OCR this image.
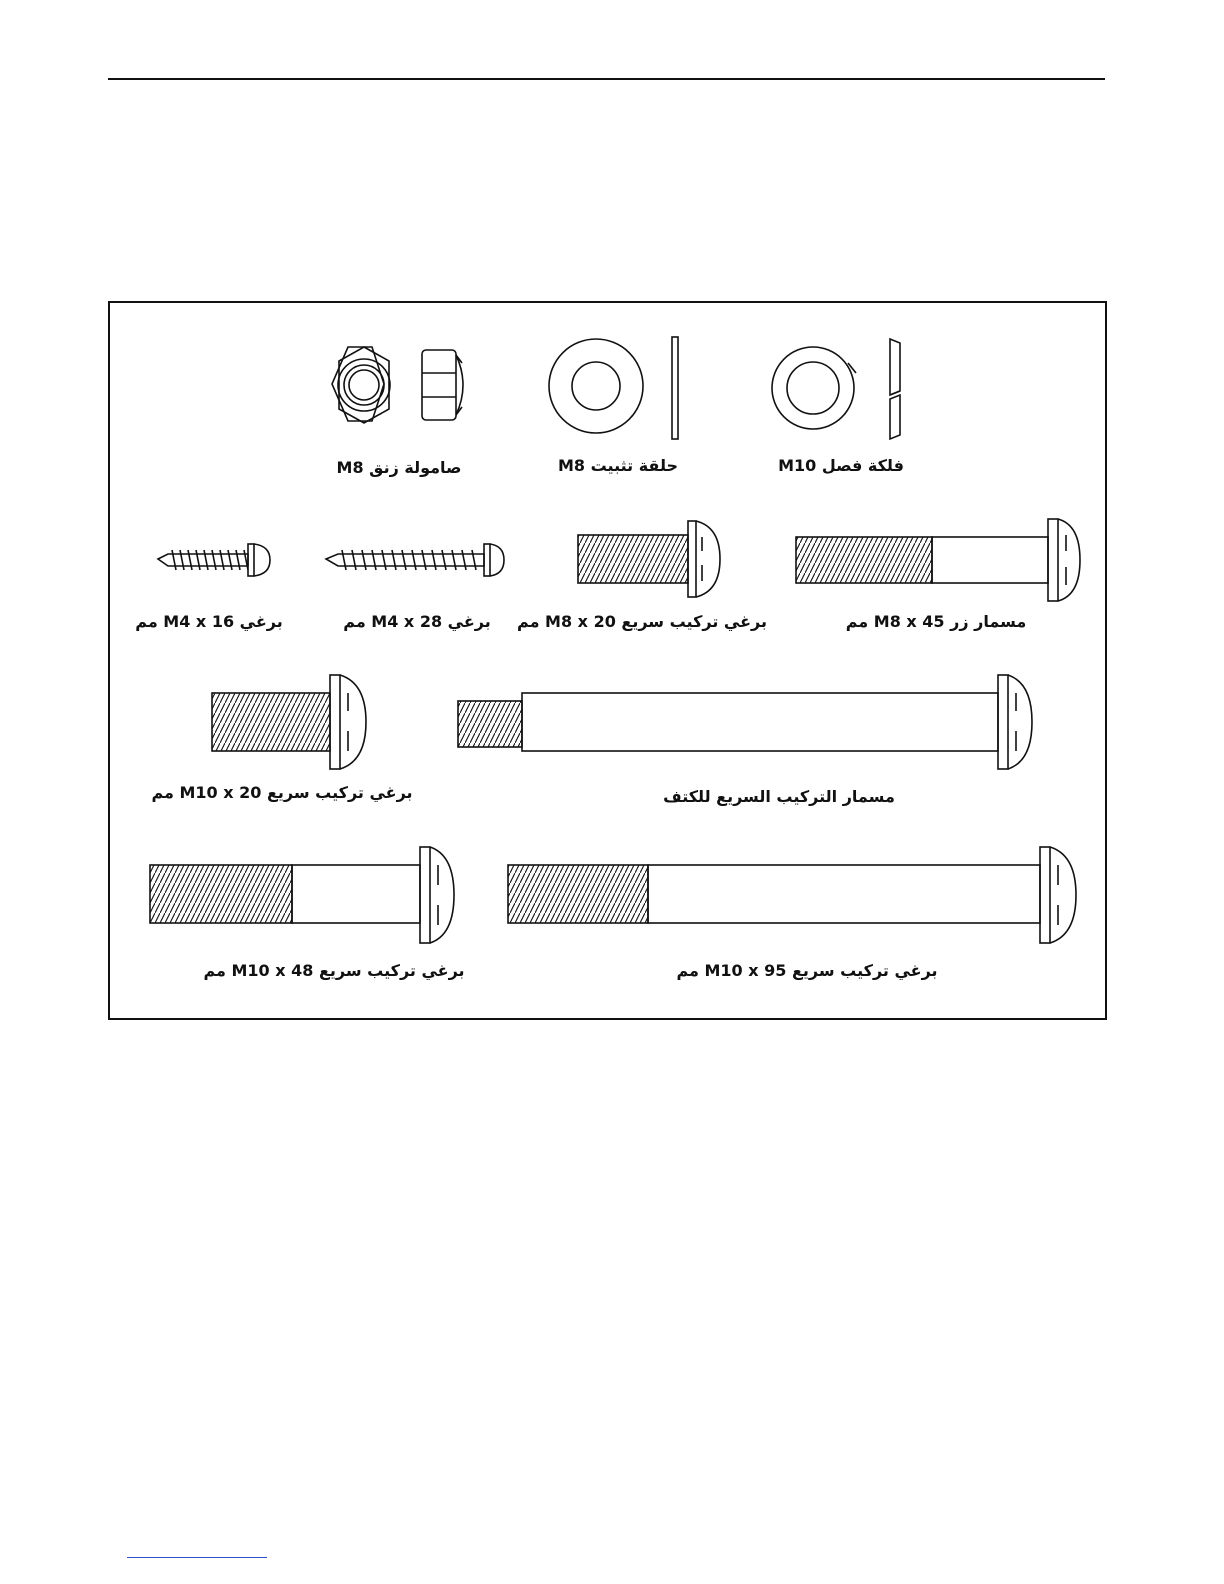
صامولة زنق M8	حلقة تثبيت M8	فلكة فصل M10
برغي M4 x 16 مم	برغي M4 x 28 مم برغي تركيب سريع M8 x 20 مم	مسمار زر M8 x 45 مم
برغي تركيب سريع M10 x 20 مم	مسمار التركيب السريع للكتف
برغي تركيب سريع M10 x 48 مم	برغي تركيب سريع M10 x 95 مم
